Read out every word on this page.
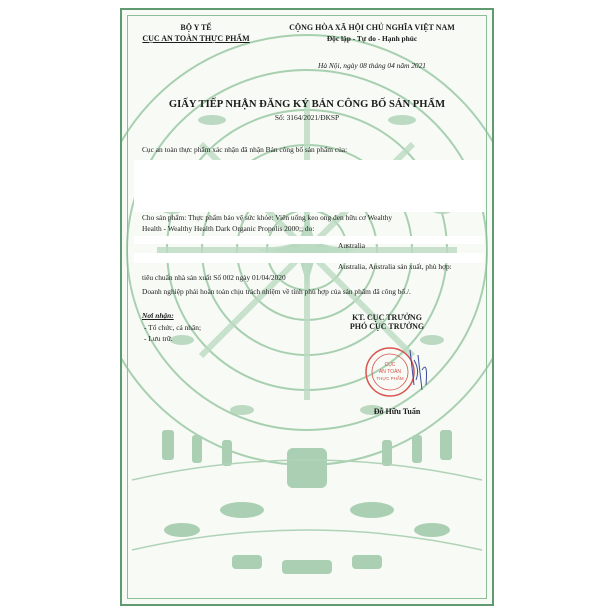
BỘ Y TẾ
CỤC AN TOÀN THỰC PHẨM
CỘNG HÒA XÃ HỘI CHỦ NGHĨA VIỆT NAM
Độc lập - Tự do - Hạnh phúc
Hà Nội, ngày 08 tháng 04 năm 2021
GIẤY TIẾP NHẬN ĐĂNG KÝ BẢN CÔNG BỐ SẢN PHẨM
Số: 3164/2021/ĐKSP
Cục an toàn thực phẩm xác nhận đã nhận Bản công bố sản phẩm của:
Cho sản phẩm: Thực phẩm bảo vệ sức khỏe: Viên uống keo ong đen hữu cơ Wealthy
Health - Wealthy Health Dark Organic Propolis 2000;; do:
Australia
Australia, Australia sản xuất, phù hợp:
tiêu chuẩn nhà sản xuất Số 002 ngày 01/04/2020
Doanh nghiệp phải hoàn toàn chịu trách nhiệm về tính phù hợp của sản phẩm đã công bố./.
Nơi nhận:
- Tổ chức, cá nhân;
- Lưu trữ.
KT. CỤC TRƯỞNG
PHÓ CỤC TRƯỞNG
CỤC
AN TOÀN
THỰC PHẨM
Đỗ Hữu Tuấn
